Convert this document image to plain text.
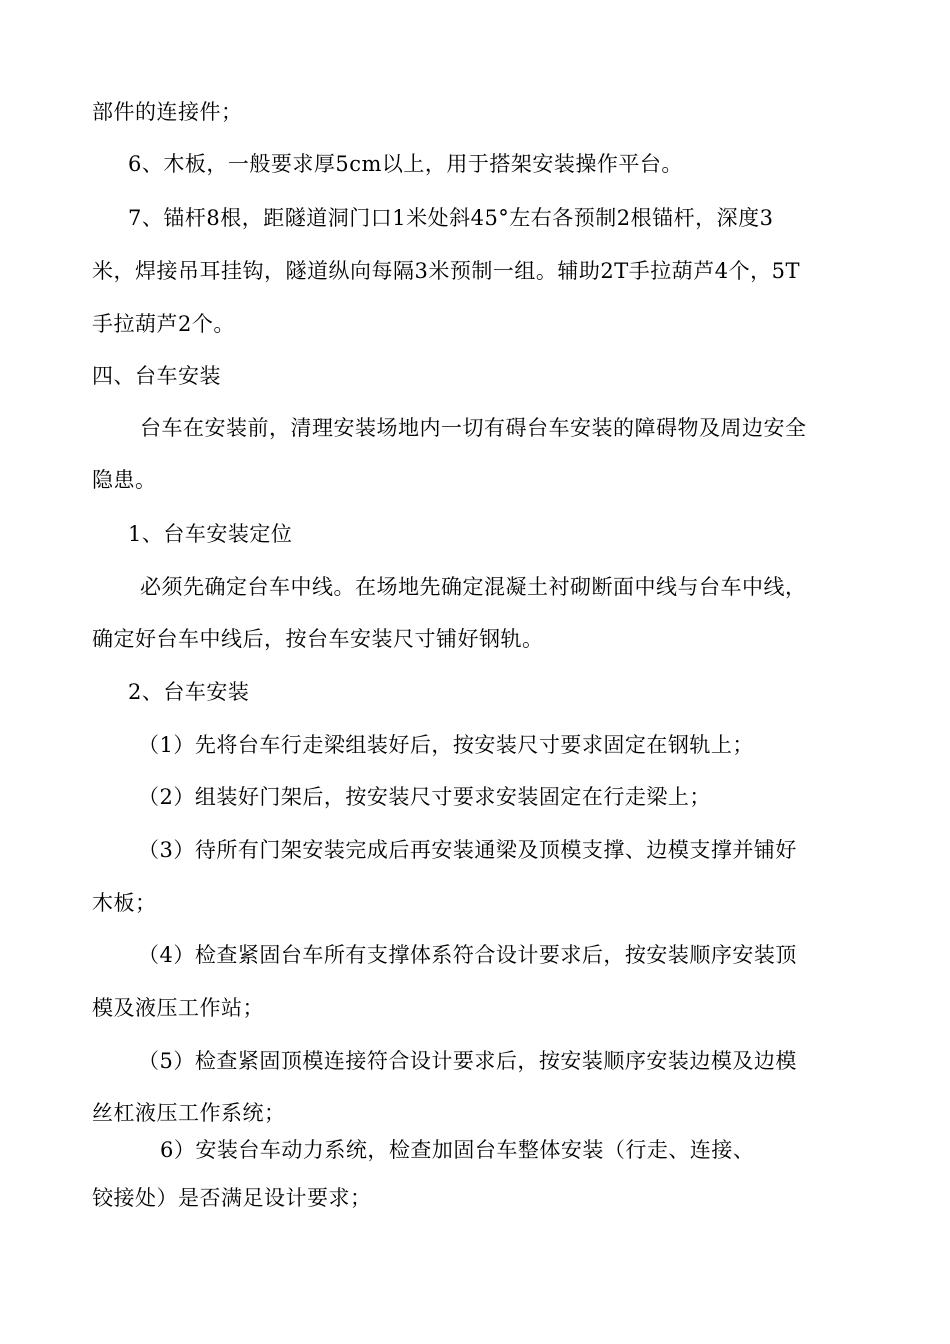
部件的连接件；

6、木板，一般要求厚5cm以上，用于搭架安装操作平台。

7、锚杆8根，距隧道洞门口1米处斜45°左右各预制2根锚杆，深度3

米，焊接吊耳挂钩，隧道纵向每隔3米预制一组。辅助2T手拉葫芦4个，5T

手拉葫芦2个。

四、台车安装

台车在安装前，清理安装场地内一切有碍台车安装的障碍物及周边安全

隐患。

1、台车安装定位

必须先确定台车中线。在场地先确定混凝土衬砌断面中线与台车中线，

确定好台车中线后，按台车安装尺寸铺好钢轨。

2、台车安装

（1）先将台车行走梁组装好后，按安装尺寸要求固定在钢轨上；

（2）组装好门架后，按安装尺寸要求安装固定在行走梁上；

（3）待所有门架安装完成后再安装通梁及顶模支撑、边模支撑并铺好

木板；

（4）检查紧固台车所有支撑体系符合设计要求后，按安装顺序安装顶

模及液压工作站；

（5）检查紧固顶模连接符合设计要求后，按安装顺序安装边模及边模

丝杠液压工作系统；

6）安装台车动力系统，检查加固台车整体安装（行走、连接、

铰接处）是否满足设计要求；
